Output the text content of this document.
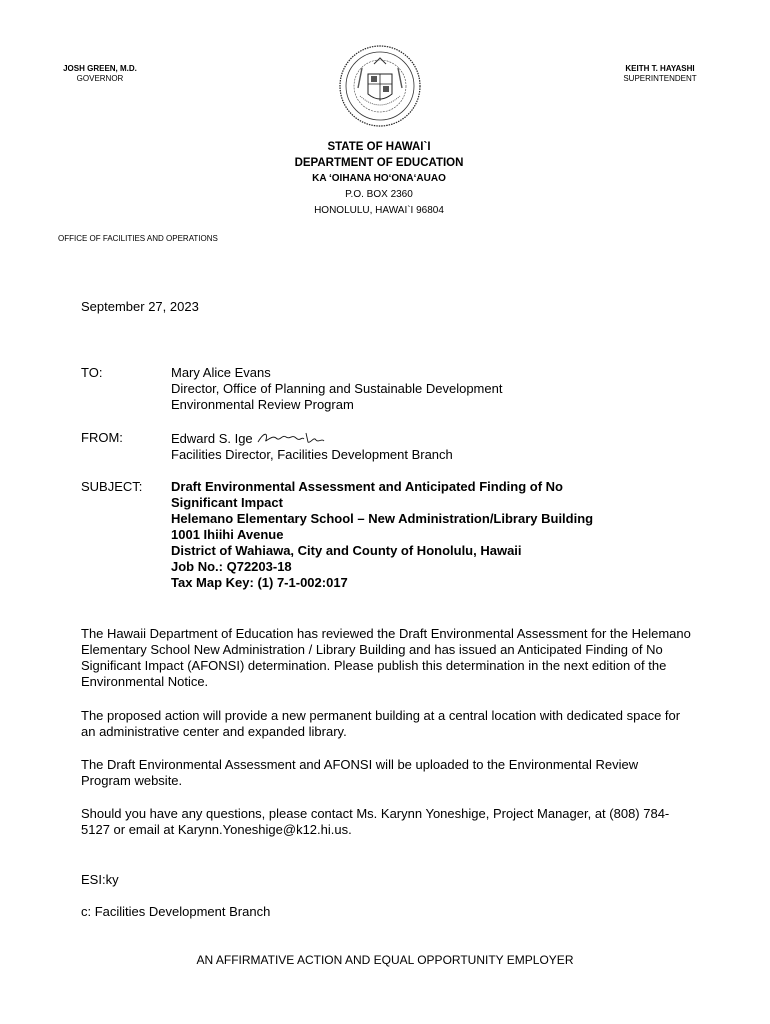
JOSH GREEN, M.D.
GOVERNOR
KEITH T. HAYASHI
SUPERINTENDENT
STATE OF HAWAI`I
DEPARTMENT OF EDUCATION
KA ʻOIHANA HOʻONAʻAUAO
P.O. BOX 2360
HONOLULU, HAWAI`I 96804
OFFICE OF FACILITIES AND OPERATIONS
September 27, 2023
TO:	Mary Alice Evans
Director, Office of Planning and Sustainable Development
Environmental Review Program
FROM:	Edward S. Ige
Facilities Director, Facilities Development Branch
SUBJECT: Draft Environmental Assessment and Anticipated Finding of No
Significant Impact
Helemano Elementary School – New Administration/Library Building
1001 Ihiihi Avenue
District of Wahiawa, City and County of Honolulu, Hawaii
Job No.: Q72203-18
Tax Map Key: (1) 7-1-002:017
The Hawaii Department of Education has reviewed the Draft Environmental Assessment for the Helemano Elementary School New Administration / Library Building and has issued an Anticipated Finding of No Significant Impact (AFONSI) determination. Please publish this determination in the next edition of the Environmental Notice.
The proposed action will provide a new permanent building at a central location with dedicated space for an administrative center and expanded library.
The Draft Environmental Assessment and AFONSI will be uploaded to the Environmental Review Program website.
Should you have any questions, please contact Ms. Karynn Yoneshige, Project Manager, at (808) 784-5127 or email at Karynn.Yoneshige@k12.hi.us.
ESI:ky
c: Facilities Development Branch
AN AFFIRMATIVE ACTION AND EQUAL OPPORTUNITY EMPLOYER
